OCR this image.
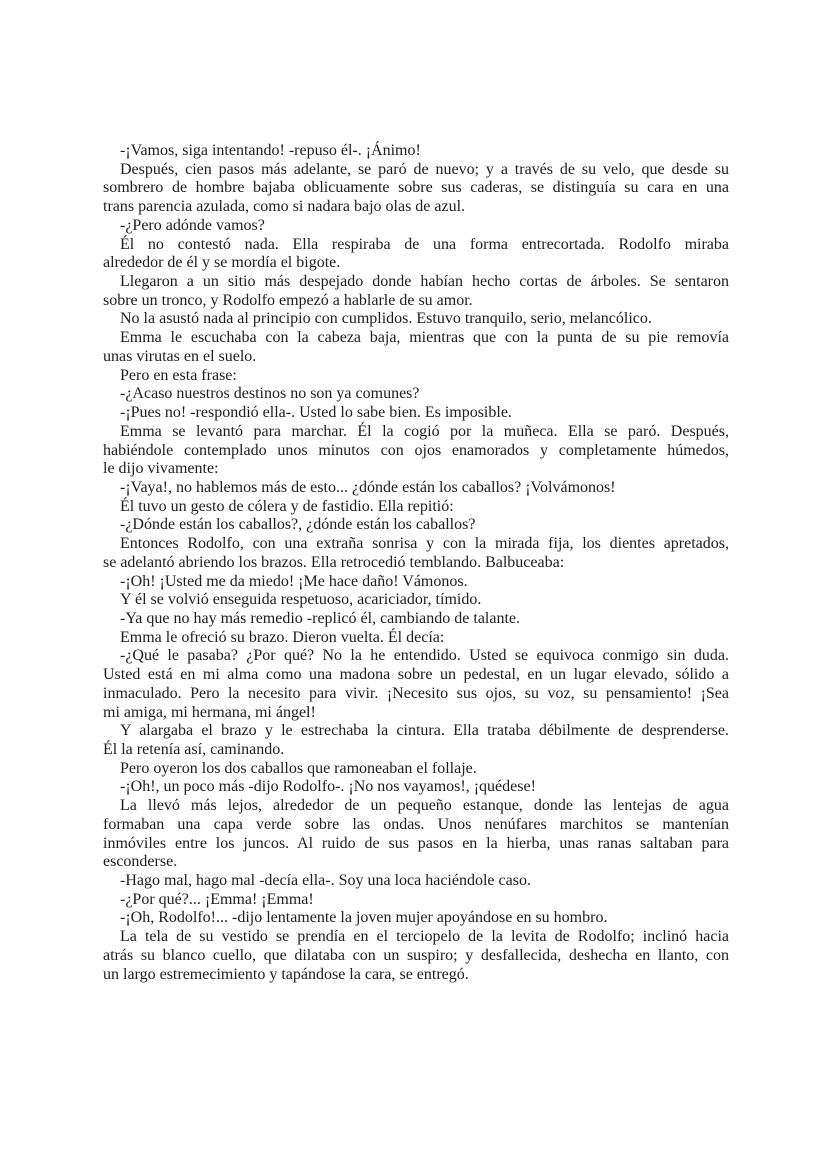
-¡Vamos, siga intentando! -repuso él-. ¡Ánimo!
Después, cien pasos más adelante, se paró de nuevo; y a través de su velo, que desde su
sombrero de hombre bajaba oblicuamente sobre sus caderas, se distinguía su cara en una
trans parencia azulada, como si nadara bajo olas de azul.
-¿Pero adónde vamos?
Él no contestó nada. Ella respiraba de una forma entrecortada. Rodolfo miraba
alrededor de él y se mordía el bigote.
Llegaron a un sitio más despejado donde habían hecho cortas de árboles. Se sentaron
sobre un tronco, y Rodolfo empezó a hablarle de su amor.
No la asustó nada al principio con cumplidos. Estuvo tranquilo, serio, melancólico.
Emma le escuchaba con la cabeza baja, mientras que con la punta de su pie removía
unas virutas en el suelo.
Pero en esta frase:
-¿Acaso nuestros destinos no son ya comunes?
-¡Pues no! -respondió ella-. Usted lo sabe bien. Es imposible.
Emma se levantó para marchar. Él la cogió por la muñeca. Ella se paró. Después,
habiéndole contemplado unos minutos con ojos enamorados y completamente húmedos,
le dijo vivamente:
-¡Vaya!, no hablemos más de esto... ¿dónde están los caballos? ¡Volvámonos!
Él tuvo un gesto de cólera y de fastidio. Ella repitió:
-¿Dónde están los caballos?, ¿dónde están los caballos?
Entonces Rodolfo, con una extraña sonrisa y con la mirada fija, los dientes apretados,
se adelantó abriendo los brazos. Ella retrocedió temblando. Balbuceaba:
-¡Oh! ¡Usted me da miedo! ¡Me hace daño! Vámonos.
Y él se volvió enseguida respetuoso, acariciador, tímido.
-Ya que no hay más remedio -replicó él, cambiando de talante.
Emma le ofreció su brazo. Dieron vuelta. Él decía:
-¿Qué le pasaba? ¿Por qué? No la he entendido. Usted se equivoca conmigo sin duda.
Usted está en mi alma como una madona sobre un pedestal, en un lugar elevado, sólido a
inmaculado. Pero la necesito para vivir. ¡Necesito sus ojos, su voz, su pensamiento! ¡Sea
mi amiga, mi hermana, mi ángel!
Y alargaba el brazo y le estrechaba la cintura. Ella trataba débilmente de desprenderse.
Él la retenía así, caminando.
Pero oyeron los dos caballos que ramoneaban el follaje.
-¡Oh!, un poco más -dijo Rodolfo-. ¡No nos vayamos!, ¡quédese!
La llevó más lejos, alrededor de un pequeño estanque, donde las lentejas de agua
formaban una capa verde sobre las ondas. Unos nenúfares marchitos se mantenían
inmóviles entre los juncos. Al ruido de sus pasos en la hierba, unas ranas saltaban para
esconderse.
-Hago mal, hago mal -decía ella-. Soy una loca haciéndole caso.
-¿Por qué?... ¡Emma! ¡Emma!
-¡Oh, Rodolfo!... -dijo lentamente la joven mujer apoyándose en su hombro.
La tela de su vestido se prendía en el terciopelo de la levita de Rodolfo; inclinó hacia
atrás su blanco cuello, que dilataba con un suspiro; y desfallecida, deshecha en llanto, con
un largo estremecimiento y tapándose la cara, se entregó.
